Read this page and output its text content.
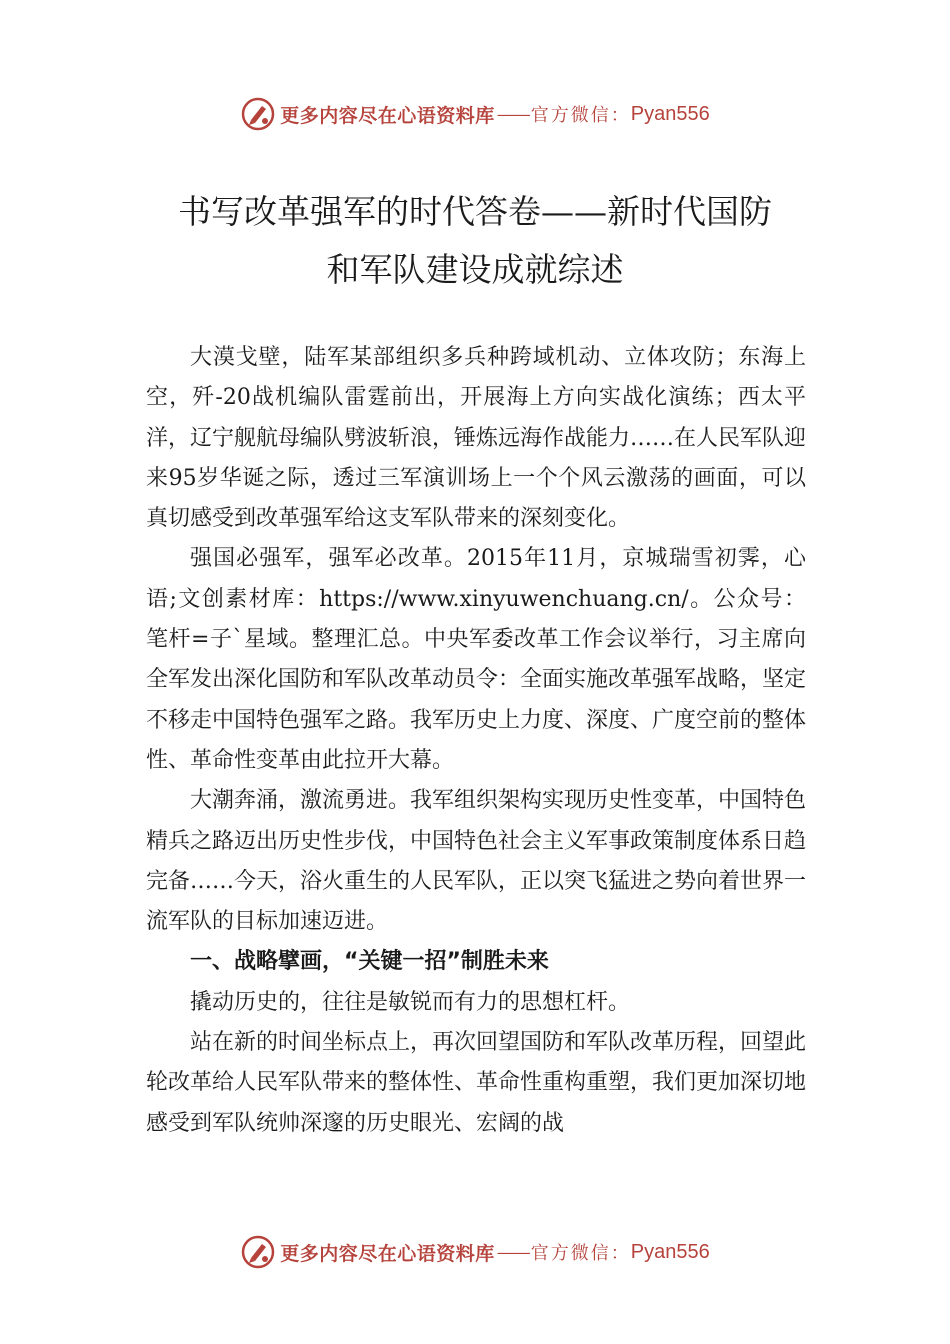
更多内容尽在心语资料库 —— 官方微信： Pyan556
书写改革强军的时代答卷——新时代国防
和军队建设成就综述

大漠戈壁，陆军某部组织多兵种跨域机动、立体攻防；东海上空，歼-20战机编队雷霆前出，开展海上方向实战化演练；西太平洋，辽宁舰航母编队劈波斩浪，锤炼远海作战能力……在人民军队迎来95岁华诞之际，透过三军演训场上一个个风云激荡的画面，可以真切感受到改革强军给这支军队带来的深刻变化。

强国必强军，强军必改革。2015年11月，京城瑞雪初霁，心语;文创素材库：https://www.xinyuwenchuang.cn/。公众号：笔杆=子`星域。整理汇总。中央军委改革工作会议举行，习主席向全军发出深化国防和军队改革动员令：全面实施改革强军战略，坚定不移走中国特色强军之路。我军历史上力度、深度、广度空前的整体性、革命性变革由此拉开大幕。

大潮奔涌，激流勇进。我军组织架构实现历史性变革，中国特色精兵之路迈出历史性步伐，中国特色社会主义军事政策制度体系日趋完备……今天，浴火重生的人民军队，正以突飞猛进之势向着世界一流军队的目标加速迈进。

一、战略擘画，“关键一招”制胜未来

撬动历史的，往往是敏锐而有力的思想杠杆。

站在新的时间坐标点上，再次回望国防和军队改革历程，回望此轮改革给人民军队带来的整体性、革命性重构重塑，我们更加深切地感受到军队统帅深邃的历史眼光、宏阔的战

更多内容尽在心语资料库 —— 官方微信： Pyan556
